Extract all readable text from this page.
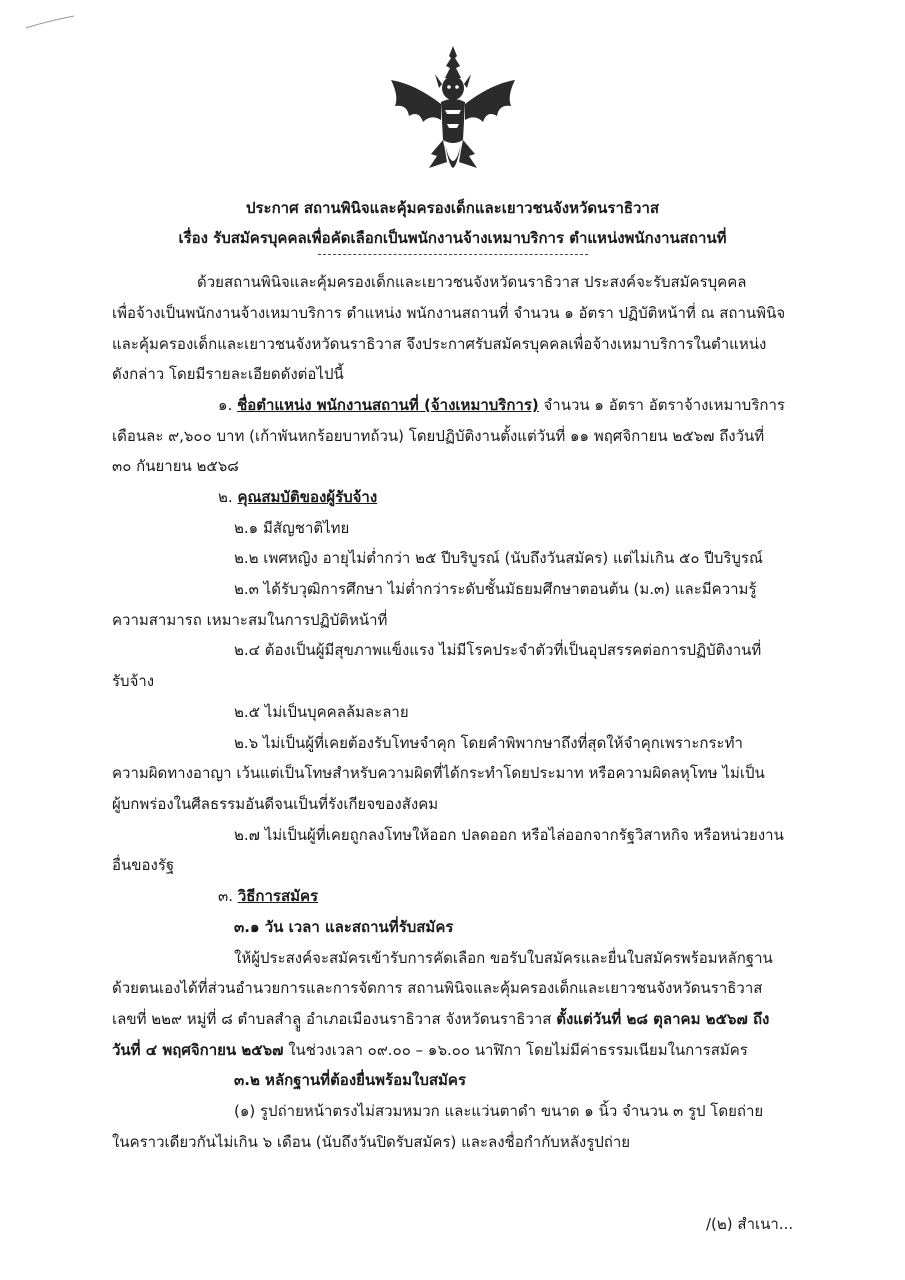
ประกาศ สถานพินิจและคุ้มครองเด็กและเยาวชนจังหวัดนราธิวาส
เรื่อง รับสมัครบุคคลเพื่อคัดเลือกเป็นพนักงานจ้างเหมาบริการ ตำแหน่งพนักงานสถานที่
ด้วยสถานพินิจและคุ้มครองเด็กและเยาวชนจังหวัดนราธิวาส ประสงค์จะรับสมัครบุคคล
เพื่อจ้างเป็นพนักงานจ้างเหมาบริการ ตำแหน่ง พนักงานสถานที่ จำนวน ๑ อัตรา ปฏิบัติหน้าที่ ณ สถานพินิจ
และคุ้มครองเด็กและเยาวชนจังหวัดนราธิวาส จึงประกาศรับสมัครบุคคลเพื่อจ้างเหมาบริการในตำแหน่ง
ดังกล่าว โดยมีรายละเอียดดังต่อไปนี้
๑. ชื่อตำแหน่ง พนักงานสถานที่ (จ้างเหมาบริการ) จำนวน ๑ อัตรา อัตราจ้างเหมาบริการ
เดือนละ ๙,๖๐๐ บาท (เก้าพันหกร้อยบาทถ้วน) โดยปฏิบัติงานตั้งแต่วันที่ ๑๑ พฤศจิกายน ๒๕๖๗ ถึงวันที่
๓๐ กันยายน ๒๕๖๘
๒. คุณสมบัติของผู้รับจ้าง
๒.๑ มีสัญชาติไทย
๒.๒ เพศหญิง อายุไม่ต่ำกว่า ๒๕ ปีบริบูรณ์ (นับถึงวันสมัคร) แต่ไม่เกิน ๕๐ ปีบริบูรณ์
๒.๓ ได้รับวุฒิการศึกษา ไม่ต่ำกว่าระดับชั้นมัธยมศึกษาตอนต้น (ม.๓) และมีความรู้
ความสามารถ เหมาะสมในการปฏิบัติหน้าที่
๒.๔ ต้องเป็นผู้มีสุขภาพแข็งแรง ไม่มีโรคประจำตัวที่เป็นอุปสรรคต่อการปฏิบัติงานที่
รับจ้าง
๒.๕ ไม่เป็นบุคคลล้มละลาย
๒.๖ ไม่เป็นผู้ที่เคยต้องรับโทษจำคุก โดยคำพิพากษาถึงที่สุดให้จำคุกเพราะกระทำ
ความผิดทางอาญา เว้นแต่เป็นโทษสำหรับความผิดที่ได้กระทำโดยประมาท หรือความผิดลหุโทษ ไม่เป็น
ผู้บกพร่องในศีลธรรมอันดีจนเป็นที่รังเกียจของสังคม
๒.๗ ไม่เป็นผู้ที่เคยถูกลงโทษให้ออก ปลดออก หรือไล่ออกจากรัฐวิสาหกิจ หรือหน่วยงาน
อื่นของรัฐ
๓. วิธีการสมัคร
๓.๑ วัน เวลา และสถานที่รับสมัคร
ให้ผู้ประสงค์จะสมัครเข้ารับการคัดเลือก ขอรับใบสมัครและยื่นใบสมัครพร้อมหลักฐาน
ด้วยตนเองได้ที่ส่วนอำนวยการและการจัดการ สถานพินิจและคุ้มครองเด็กและเยาวชนจังหวัดนราธิวาส
เลขที่ ๒๒๙ หมู่ที่ ๘ ตำบลสำลูู อำเภอเมืองนราธิวาส จังหวัดนราธิวาส ตั้งแต่วันที่ ๒๘ ตุลาคม ๒๕๖๗ ถึง
วันที่ ๔ พฤศจิกายน ๒๕๖๗ ในช่วงเวลา ๐๙.๐๐ – ๑๖.๐๐ นาฬิกา โดยไม่มีค่าธรรมเนียมในการสมัคร
๓.๒ หลักฐานที่ต้องยื่นพร้อมใบสมัคร
(๑) รูปถ่ายหน้าตรงไม่สวมหมวก และแว่นตาดำ ขนาด ๑ นิ้ว จำนวน ๓ รูป โดยถ่าย
ในคราวเดียวกันไม่เกิน ๖ เดือน (นับถึงวันปิดรับสมัคร) และลงชื่อกำกับหลังรูปถ่าย
/(๒) สำเนา...
